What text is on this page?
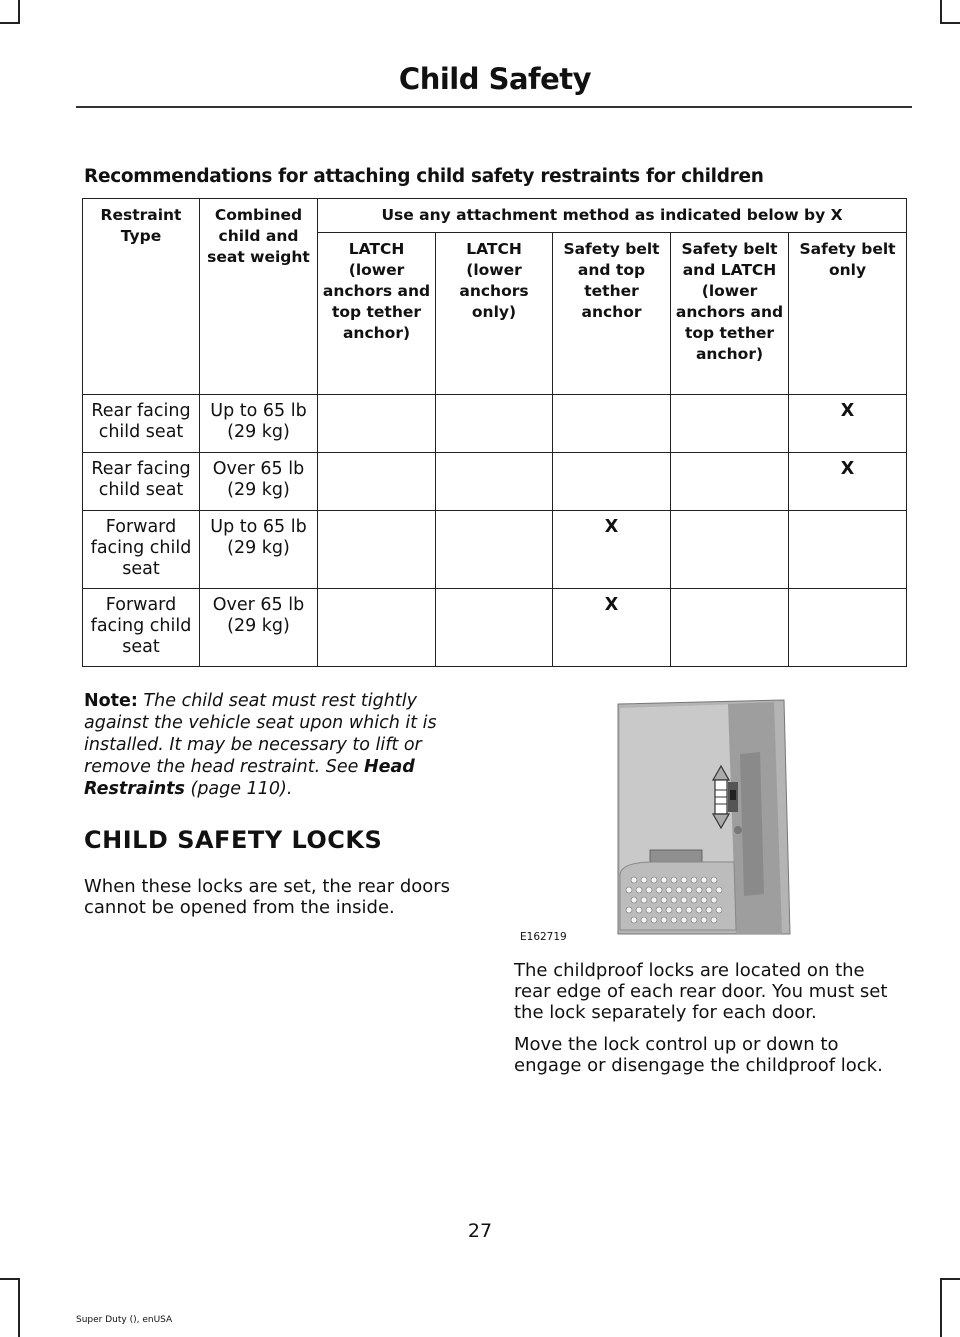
Child Safety
Recommendations for attaching child safety restraints for children
Restraint Type	Combined child and seat weight	Use any attachment method as indicated below by X				
		LATCH (lower anchors and top tether anchor)	LATCH (lower anchors only)	Safety belt and top tether anchor	Safety belt and LATCH (lower anchors and top tether anchor)	Safety belt only
Rear facing child seat	Up to 65 lb (29 kg)					X
Rear facing child seat	Over 65 lb (29 kg)					X
Forward facing child seat	Up to 65 lb (29 kg)			X		
Forward facing child seat	Over 65 lb (29 kg)			X		
Note: The child seat must rest tightly against the vehicle seat upon which it is installed. It may be necessary to lift or remove the head restraint. See Head Restraints (page 110).
CHILD SAFETY LOCKS
When these locks are set, the rear doors cannot be opened from the inside.
E162719
The childproof locks are located on the rear edge of each rear door. You must set the lock separately for each door.
Move the lock control up or down to engage or disengage the childproof lock.
27
Super Duty (), enUSA
